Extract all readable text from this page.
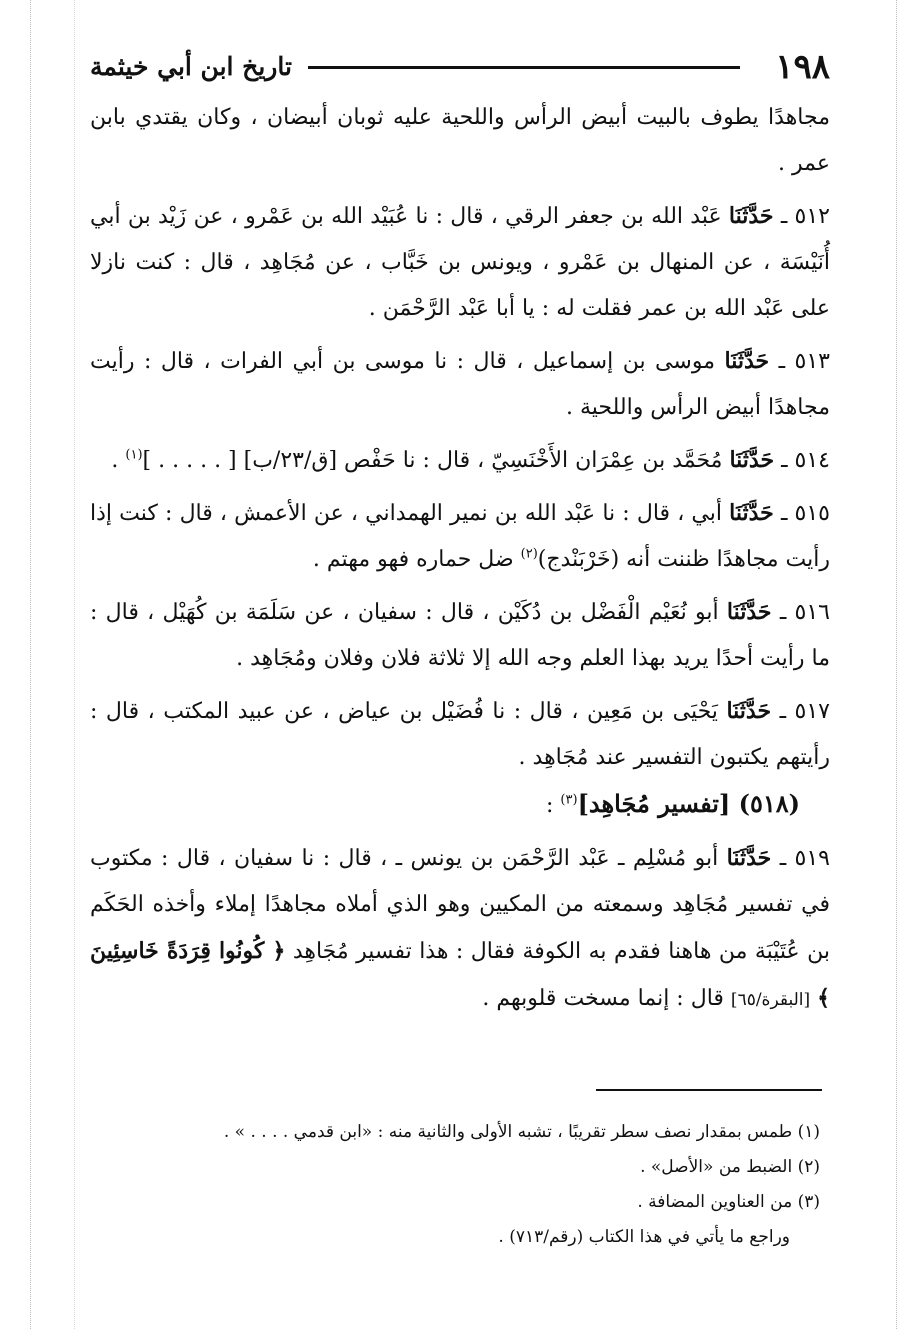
١٩٨
تاريخ ابن أبي خيثمة

مجاهدًا يطوف بالبيت أبيض الرأس واللحية عليه ثوبان أبيضان ، وكان يقتدي بابن عمر .

٥١٢ ـ حَدَّثَنَا عَبْد الله بن جعفر الرقي ، قال : نا عُبَيْد الله بن عَمْرو ، عن زَيْد بن أبي أُنَيْسَة ، عن المنهال بن عَمْرو ، ويونس بن خَبَّاب ، عن مُجَاهِد ، قال : كنت نازلا على عَبْد الله بن عمر فقلت له : يا أبا عَبْد الرَّحْمَن .

٥١٣ ـ حَدَّثَنَا موسى بن إسماعيل ، قال : نا موسى بن أبي الفرات ، قال : رأيت مجاهدًا أبيض الرأس واللحية .

٥١٤ ـ حَدَّثَنَا مُحَمَّد بن عِمْرَان الأَخْنَسِيّ ، قال : نا حَفْص [ق/٢٣/ب] [ . . . . . ]$^{(١)}$ .

٥١٥ ـ حَدَّثَنَا أبي ، قال : نا عَبْد الله بن نمير الهمداني ، عن الأعمش ، قال : كنت إذا رأيت مجاهدًا ظننت أنه (خَرْبَنْدج)$^{(٢)}$ ضل حماره فهو مهتم .

٥١٦ ـ حَدَّثَنَا أبو نُعَيْم الْفَضْل بن دُكَيْن ، قال : سفيان ، عن سَلَمَة بن كُهَيْل ، قال : ما رأيت أحدًا يريد بهذا العلم وجه الله إلا ثلاثة فلان وفلان ومُجَاهِد .

٥١٧ ـ حَدَّثَنَا يَحْيَى بن مَعِين ، قال : نا فُضَيْل بن عياض ، عن عبيد المكتب ، قال : رأيتهم يكتبون التفسير عند مُجَاهِد .

(٥١٨) [تفسير مُجَاهِد]$^{(٣)}$ :

٥١٩ ـ حَدَّثَنَا أبو مُسْلِم ـ عَبْد الرَّحْمَن بن يونس ـ ، قال : نا سفيان ، قال : مكتوب في تفسير مُجَاهِد وسمعته من المكيين وهو الذي أملاه مجاهدًا إملاء وأخذه الحَكَم بن عُتَيْبَة من هاهنا فقدم به الكوفة فقال : هذا تفسير مُجَاهِد ﴿ كُونُوا قِرَدَةً خَاسِئِينَ ﴾ [البقرة/٦٥] قال : إنما مسخت قلوبهم .

(١) طمس بمقدار نصف سطر تقريبًا ، تشبه الأولى والثانية منه : «ابن قدمي . . . . » .

(٢) الضبط من «الأصل» .

(٣) من العناوين المضافة .

وراجع ما يأتي في هذا الكتاب (رقم/٧١٣) .
